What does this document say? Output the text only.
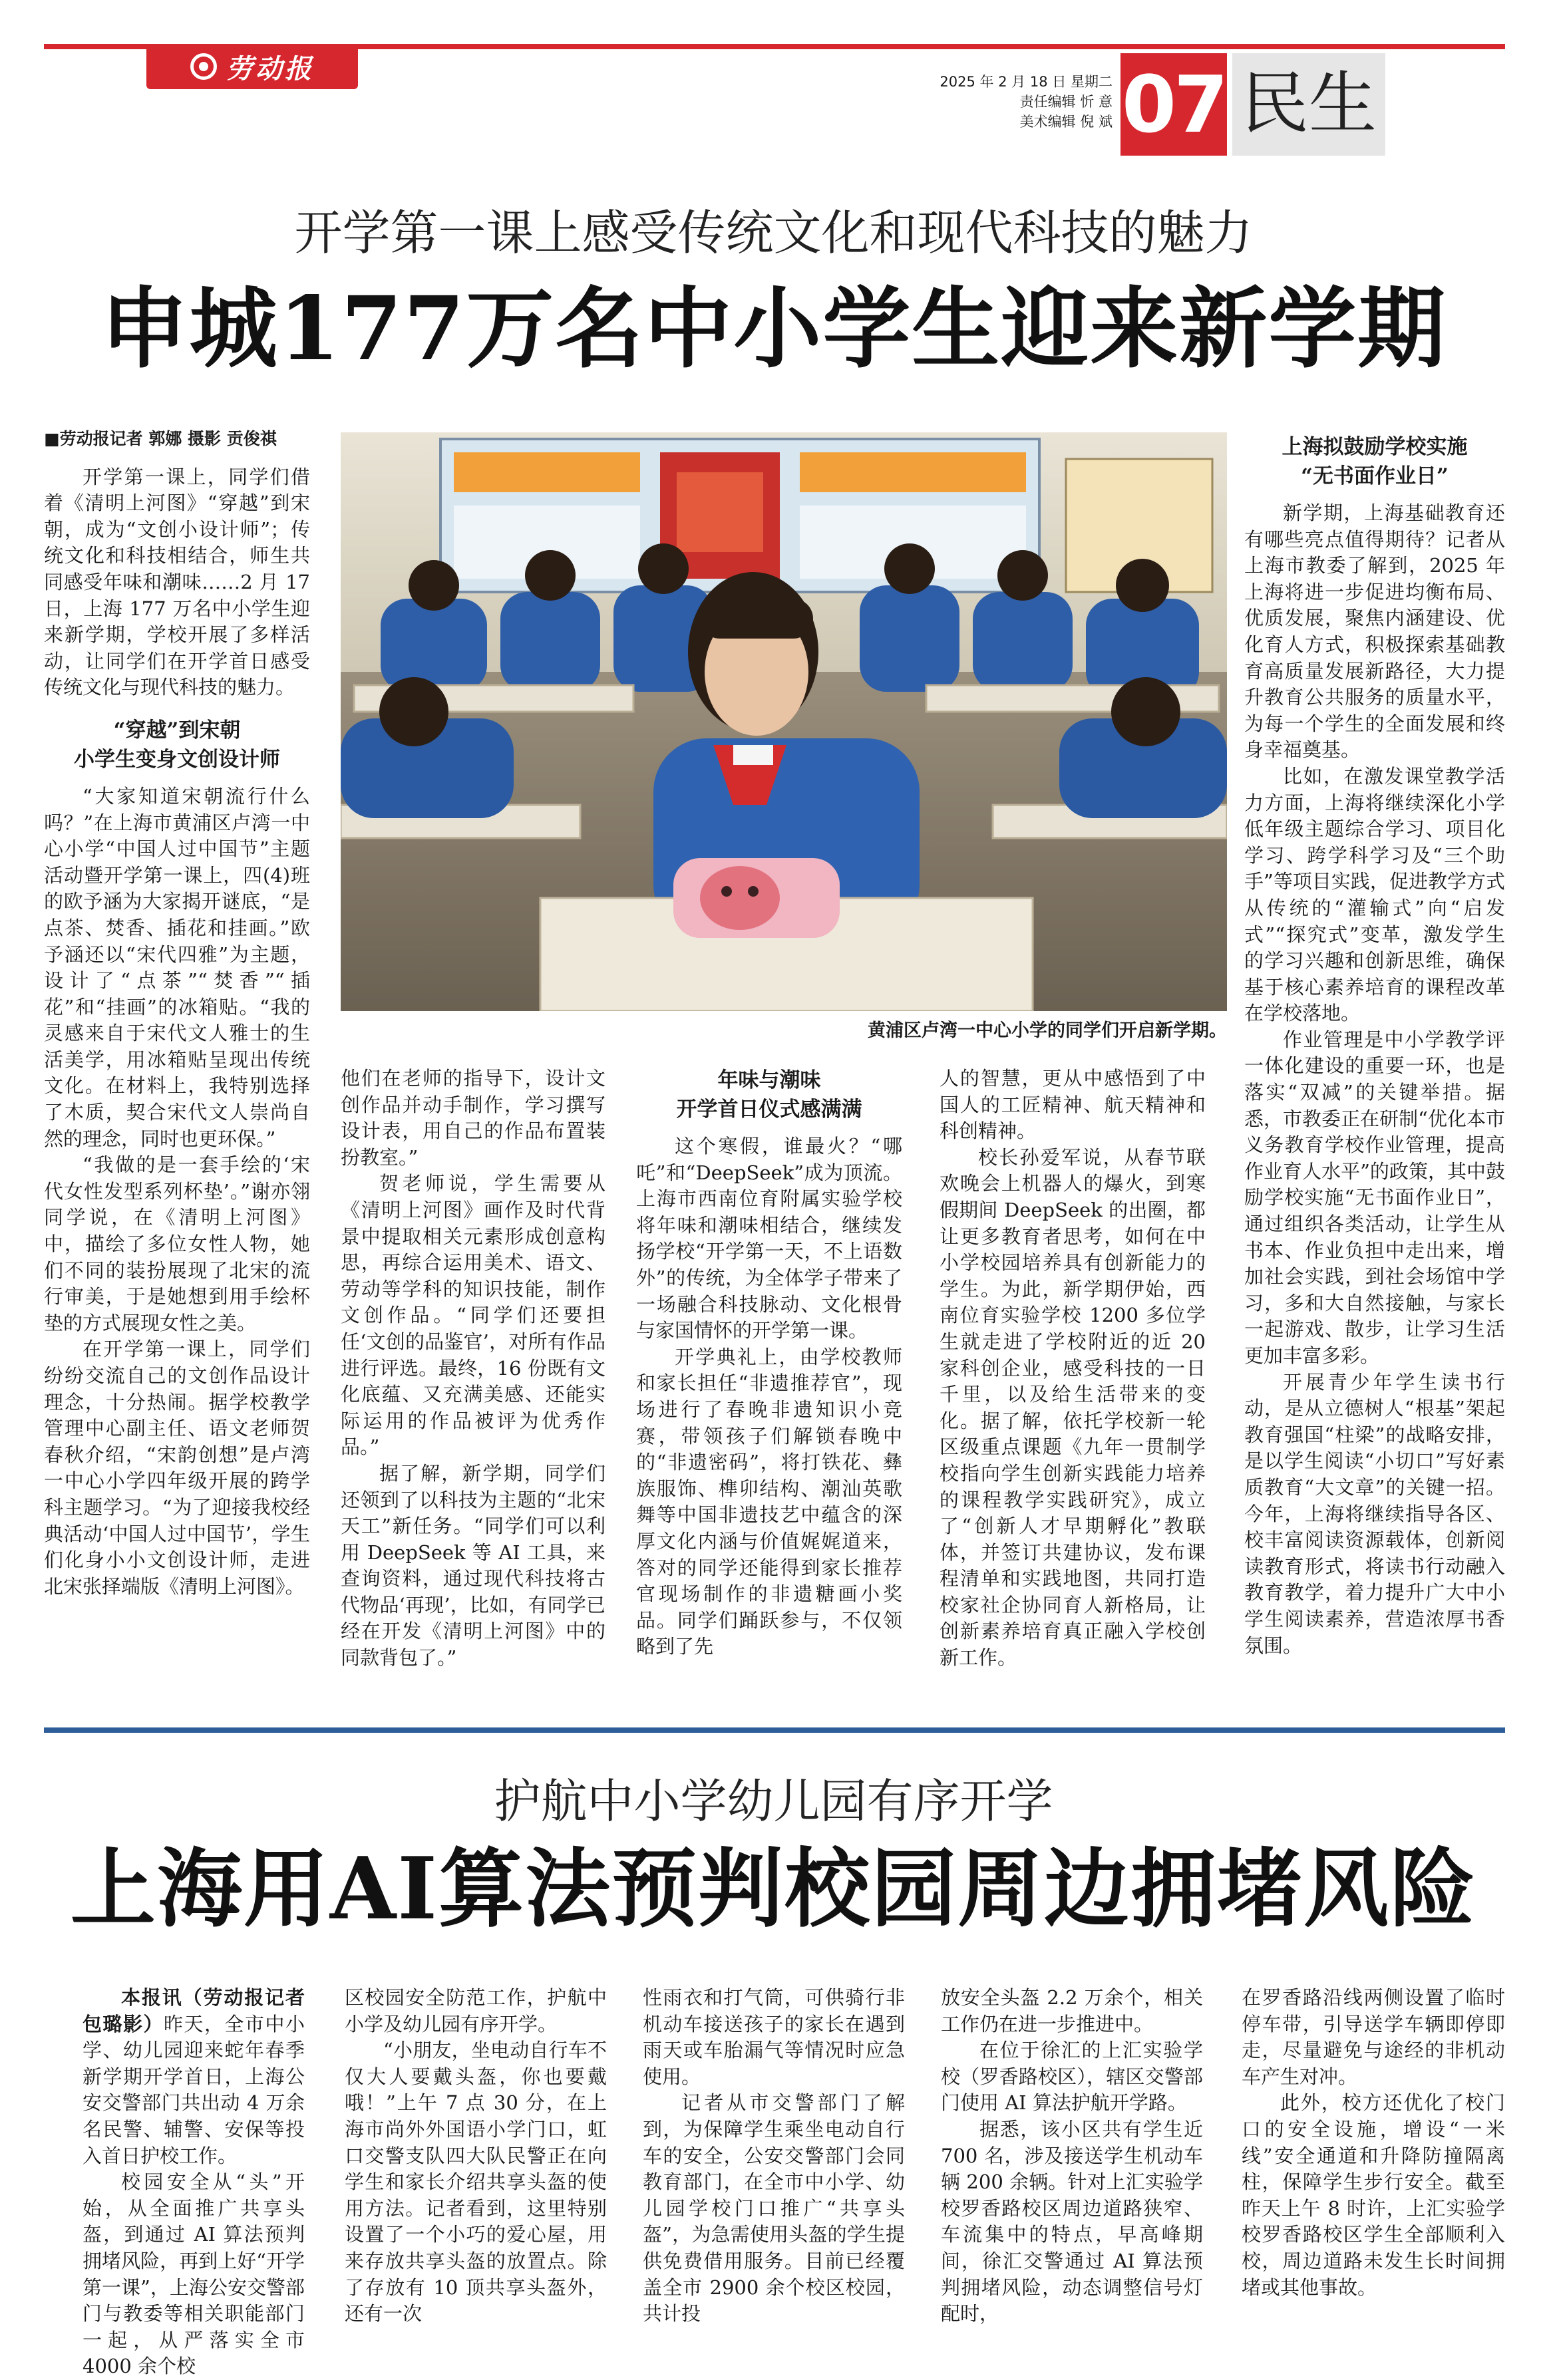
劳动报	2025 年 2 月 18 日 星期二
责任编辑 忻 意
美术编辑 倪 斌 07 民生
开学第一课上感受传统文化和现代科技的魅力
申城177万名中小学生迎来新学期

■劳动报记者 郭娜 摄影 贡俊祺

开学第一课上，同学们借着《清明上河图》“穿越”到宋朝，成为“文创小设计师”；传统文化和科技相结合，师生共同感受年味和潮味……2 月 17 日，上海 177 万名中小学生迎来新学期，学校开展了多样活动，让同学们在开学首日感受传统文化与现代科技的魅力。

“穿越”到宋朝
小学生变身文创设计师

“大家知道宋朝流行什么吗？”在上海市黄浦区卢湾一中心小学“中国人过中国节”主题活动暨开学第一课上，四(4)班的欧予涵为大家揭开谜底，“是点茶、焚香、插花和挂画。”欧予涵还以“宋代四雅”为主题，设计了“点茶”“焚香”“插花”和“挂画”的冰箱贴。“我的灵感来自于宋代文人雅士的生活美学，用冰箱贴呈现出传统文化。在材料上，我特别选择了木质，契合宋代文人崇尚自然的理念，同时也更环保。”

“我做的是一套手绘的‘宋代女性发型系列杯垫’。”谢亦翎同学说，在《清明上河图》中，描绘了多位女性人物，她们不同的装扮展现了北宋的流行审美，于是她想到用手绘杯垫的方式展现女性之美。

在开学第一课上，同学们纷纷交流自己的文创作品设计理念，十分热闹。据学校教学管理中心副主任、语文老师贺春秋介绍，“宋韵创想”是卢湾一中心小学四年级开展的跨学科主题学习。“为了迎接我校经典活动‘中国人过中国节’，学生们化身小小文创设计师，走进北宋张择端版《清明上河图》。

黄浦区卢湾一中心小学的同学们开启新学期。

他们在老师的指导下，设计文创作品并动手制作，学习撰写设计表，用自己的作品布置装扮教室。”

贺老师说，学生需要从《清明上河图》画作及时代背景中提取相关元素形成创意构思，再综合运用美术、语文、劳动等学科的知识技能，制作文创作品。“同学们还要担任‘文创的品鉴官’，对所有作品进行评选。最终，16 份既有文化底蕴、又充满美感、还能实际运用的作品被评为优秀作品。”

据了解，新学期，同学们还领到了以科技为主题的“北宋天工”新任务。“同学们可以利用 DeepSeek 等 AI 工具，来查询资料，通过现代科技将古代物品‘再现’，比如，有同学已经在开发《清明上河图》中的同款背包了。”

年味与潮味
开学首日仪式感满满

这个寒假，谁最火？“哪吒”和“DeepSeek”成为顶流。上海市西南位育附属实验学校将年味和潮味相结合，继续发扬学校“开学第一天，不上语数外”的传统，为全体学子带来了一场融合科技脉动、文化根骨与家国情怀的开学第一课。

开学典礼上，由学校教师和家长担任“非遗推荐官”，现场进行了春晚非遗知识小竞赛，带领孩子们解锁春晚中的“非遗密码”，将打铁花、彝族服饰、榫卯结构、潮汕英歌舞等中国非遗技艺中蕴含的深厚文化内涵与价值娓娓道来，答对的同学还能得到家长推荐官现场制作的非遗糖画小奖品。同学们踊跃参与，不仅领略到了先

人的智慧，更从中感悟到了中国人的工匠精神、航天精神和科创精神。

校长孙爱军说，从春节联欢晚会上机器人的爆火，到寒假期间 DeepSeek 的出圈，都让更多教育者思考，如何在中小学校园培养具有创新能力的学生。为此，新学期伊始，西南位育实验学校 1200 多位学生就走进了学校附近的近 20 家科创企业，感受科技的一日千里，以及给生活带来的变化。据了解，依托学校新一轮区级重点课题《九年一贯制学校指向学生创新实践能力培养的课程教学实践研究》，成立了“创新人才早期孵化”教联体，并签订共建协议，发布课程清单和实践地图，共同打造校家社企协同育人新格局，让创新素养培育真正融入学校创新工作。

上海拟鼓励学校实施
“无书面作业日”

新学期，上海基础教育还有哪些亮点值得期待？记者从上海市教委了解到，2025 年上海将进一步促进均衡布局、优质发展，聚焦内涵建设、优化育人方式，积极探索基础教育高质量发展新路径，大力提升教育公共服务的质量水平，为每一个学生的全面发展和终身幸福奠基。

比如，在激发课堂教学活力方面，上海将继续深化小学低年级主题综合学习、项目化学习、跨学科学习及“三个助手”等项目实践，促进教学方式从传统的“灌输式”向“启发式”“探究式”变革，激发学生的学习兴趣和创新思维，确保基于核心素养培育的课程改革在学校落地。

作业管理是中小学教学评一体化建设的重要一环，也是落实“双减”的关键举措。据悉，市教委正在研制“优化本市义务教育学校作业管理，提高作业育人水平”的政策，其中鼓励学校实施“无书面作业日”，通过组织各类活动，让学生从书本、作业负担中走出来，增加社会实践，到社会场馆中学习，多和大自然接触，与家长一起游戏、散步，让学习生活更加丰富多彩。

开展青少年学生读书行动，是从立德树人“根基”架起教育强国“柱梁”的战略安排，是以学生阅读“小切口”写好素质教育“大文章”的关键一招。今年，上海将继续指导各区、校丰富阅读资源载体，创新阅读教育形式，将读书行动融入教育教学，着力提升广大中小学生阅读素养，营造浓厚书香氛围。

护航中小学幼儿园有序开学
上海用AI算法预判校园周边拥堵风险

本报讯（劳动报记者 包璐影）昨天，全市中小学、幼儿园迎来蛇年春季新学期开学首日，上海公安交警部门共出动 4 万余名民警、辅警、安保等投入首日护校工作。

校园安全从“头”开始，从全面推广共享头盔，到通过 AI 算法预判拥堵风险，再到上好“开学第一课”，上海公安交警部门与教委等相关职能部门一起，从严落实全市 4000 余个校

区校园安全防范工作，护航中小学及幼儿园有序开学。

“小朋友，坐电动自行车不仅大人要戴头盔，你也要戴哦！”上午 7 点 30 分，在上海市尚外外国语小学门口，虹口交警支队四大队民警正在向学生和家长介绍共享头盔的使用方法。记者看到，这里特别设置了一个小巧的爱心屋，用来存放共享头盔的放置点。除了存放有 10 顶共享头盔外，还有一次

性雨衣和打气筒，可供骑行非机动车接送孩子的家长在遇到雨天或车胎漏气等情况时应急使用。

记者从市交警部门了解到，为保障学生乘坐电动自行车的安全，公安交警部门会同教育部门，在全市中小学、幼儿园学校门口推广“共享头盔”，为急需使用头盔的学生提供免费借用服务。目前已经覆盖全市 2900 余个校区校园，共计投

放安全头盔 2.2 万余个，相关工作仍在进一步推进中。

在位于徐汇的上汇实验学校（罗香路校区），辖区交警部门使用 AI 算法护航开学路。

据悉，该小区共有学生近 700 名，涉及接送学生机动车辆 200 余辆。针对上汇实验学校罗香路校区周边道路狭窄、车流集中的特点，早高峰期间，徐汇交警通过 AI 算法预判拥堵风险，动态调整信号灯配时，

在罗香路沿线两侧设置了临时停车带，引导送学车辆即停即走，尽量避免与途经的非机动车产生对冲。

此外，校方还优化了校门口的安全设施，增设“一米线”安全通道和升降防撞隔离柱，保障学生步行安全。截至昨天上午 8 时许，上汇实验学校罗香路校区学生全部顺利入校，周边道路未发生长时间拥堵或其他事故。
